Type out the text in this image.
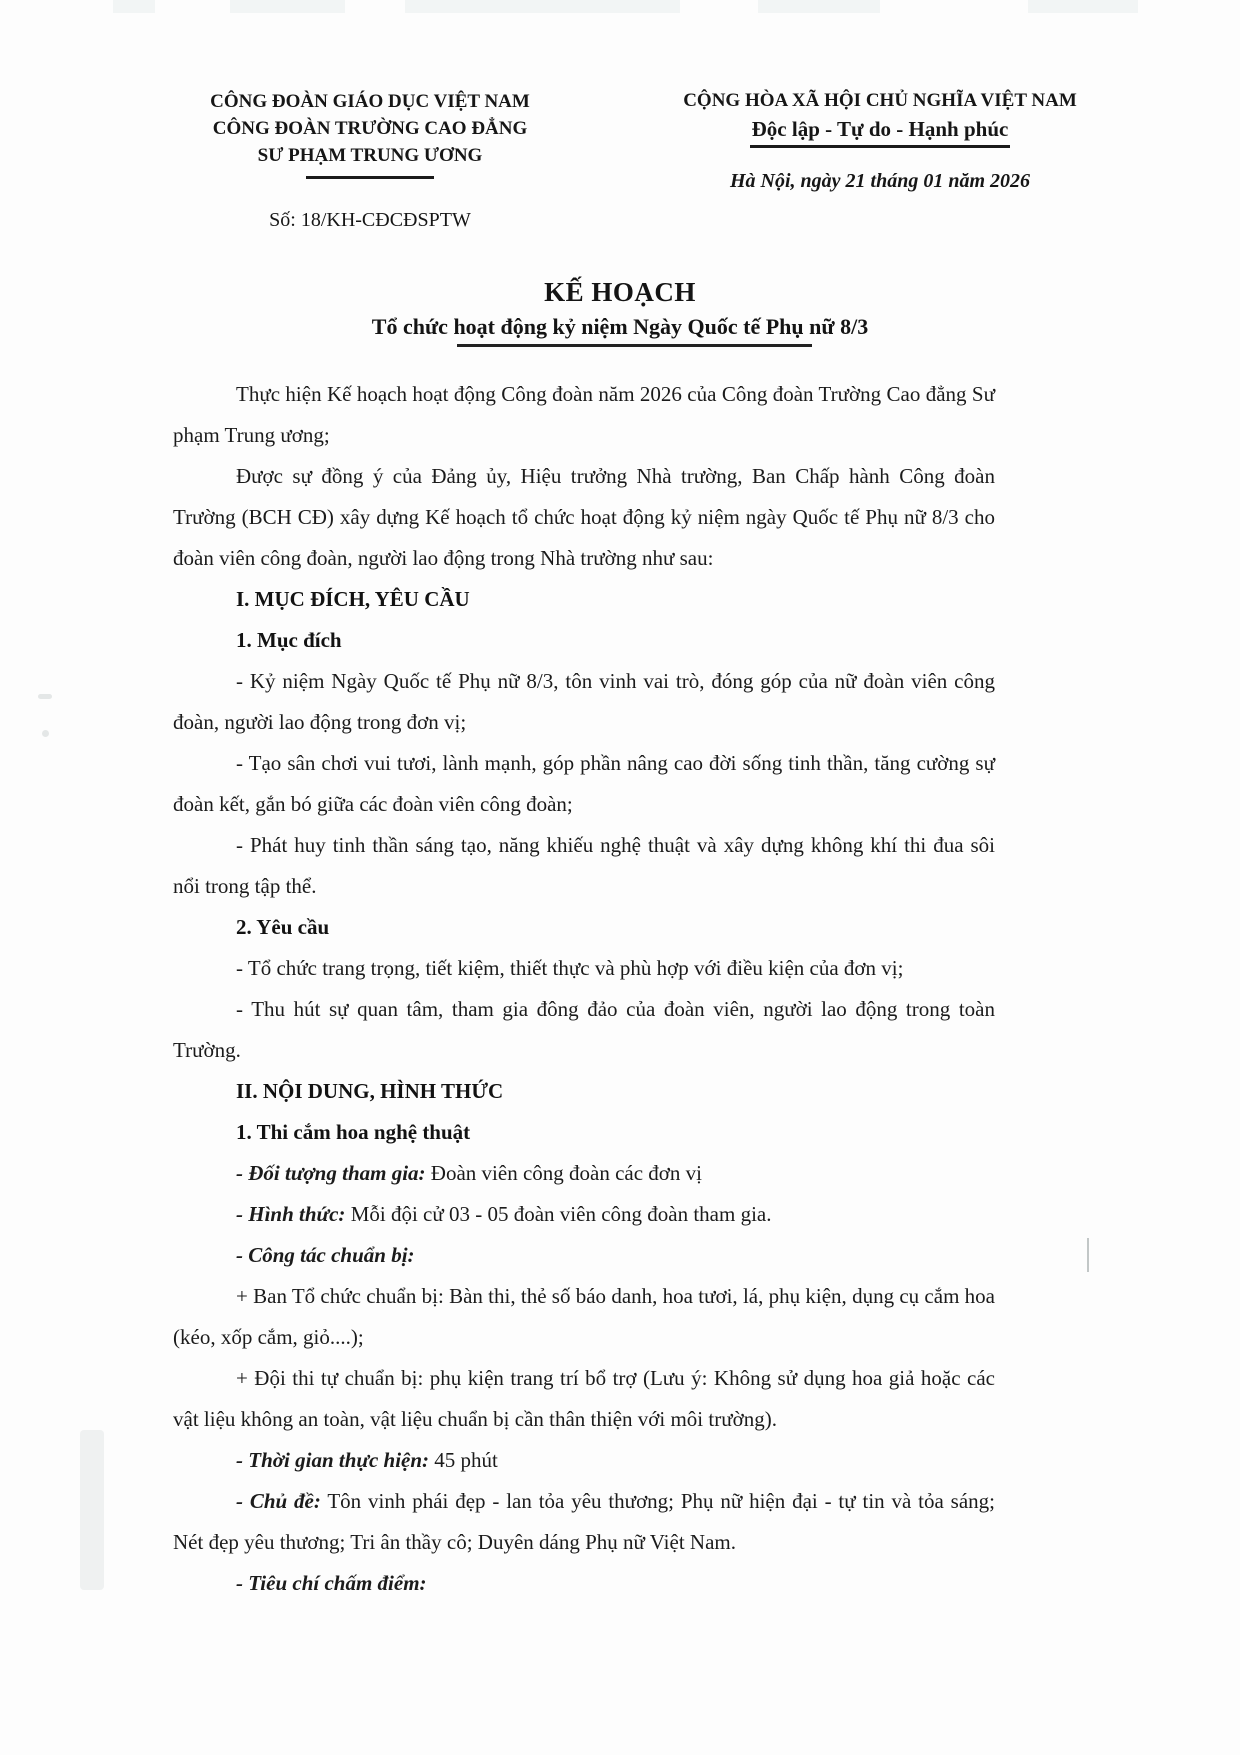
CÔNG ĐOÀN GIÁO DỤC VIỆT NAM
CÔNG ĐOÀN TRƯỜNG CAO ĐẲNG
SƯ PHẠM TRUNG ƯƠNG
Số: 18/KH-CĐCĐSPTW
CỘNG HÒA XÃ HỘI CHỦ NGHĨA VIỆT NAM
Độc lập - Tự do - Hạnh phúc
Hà Nội, ngày 21 tháng 01 năm 2026
KẾ HOẠCH
Tổ chức hoạt động kỷ niệm Ngày Quốc tế Phụ nữ 8/3

Thực hiện Kế hoạch hoạt động Công đoàn năm 2026 của Công đoàn Trường Cao đẳng Sư phạm Trung ương;

Được sự đồng ý của Đảng ủy, Hiệu trưởng Nhà trường, Ban Chấp hành Công đoàn Trường (BCH CĐ) xây dựng Kế hoạch tổ chức hoạt động kỷ niệm ngày Quốc tế Phụ nữ 8/3 cho đoàn viên công đoàn, người lao động trong Nhà trường như sau:

I. MỤC ĐÍCH, YÊU CẦU

1. Mục đích

- Kỷ niệm Ngày Quốc tế Phụ nữ 8/3, tôn vinh vai trò, đóng góp của nữ đoàn viên công đoàn, người lao động trong đơn vị;

- Tạo sân chơi vui tươi, lành mạnh, góp phần nâng cao đời sống tinh thần, tăng cường sự đoàn kết, gắn bó giữa các đoàn viên công đoàn;

- Phát huy tinh thần sáng tạo, năng khiếu nghệ thuật và xây dựng không khí thi đua sôi nổi trong tập thể.

2. Yêu cầu

- Tổ chức trang trọng, tiết kiệm, thiết thực và phù hợp với điều kiện của đơn vị;

- Thu hút sự quan tâm, tham gia đông đảo của đoàn viên, người lao động trong toàn Trường.

II. NỘI DUNG, HÌNH THỨC

1. Thi cắm hoa nghệ thuật

- Đối tượng tham gia: Đoàn viên công đoàn các đơn vị

- Hình thức: Mỗi đội cử 03 - 05 đoàn viên công đoàn tham gia.

- Công tác chuẩn bị:

+ Ban Tổ chức chuẩn bị: Bàn thi, thẻ số báo danh, hoa tươi, lá, phụ kiện, dụng cụ cắm hoa (kéo, xốp cắm, giỏ....);

+ Đội thi tự chuẩn bị: phụ kiện trang trí bổ trợ (Lưu ý: Không sử dụng hoa giả hoặc các vật liệu không an toàn, vật liệu chuẩn bị cần thân thiện với môi trường).

- Thời gian thực hiện: 45 phút

- Chủ đề: Tôn vinh phái đẹp - lan tỏa yêu thương; Phụ nữ hiện đại - tự tin và tỏa sáng; Nét đẹp yêu thương; Tri ân thầy cô; Duyên dáng Phụ nữ Việt Nam.

- Tiêu chí chấm điểm:
